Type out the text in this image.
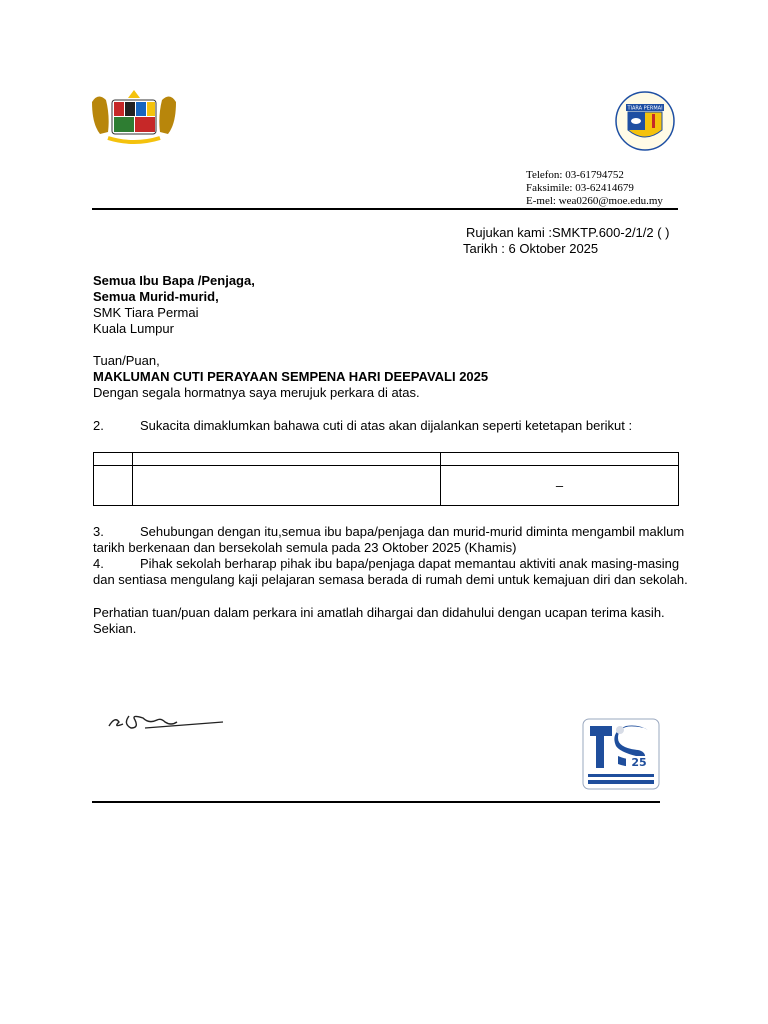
TIARA PERMAI
Telefon: 03-61794752
Faksimile: 03-62414679
E-mel: wea0260@moe.edu.my
Rujukan kami :SMKTP.600-2/1/2 ( )
Tarikh : 6 Oktober 2025
Semua Ibu Bapa /Penjaga,
Semua Murid-murid,
SMK Tiara Permai
Kuala Lumpur
Tuan/Puan,
MAKLUMAN CUTI PERAYAAN SEMPENA HARI DEEPAVALI 2025
Dengan segala hormatnya saya merujuk perkara di atas.
2.	Sukacita dimaklumkan bahawa cuti di atas akan dijalankan seperti ketetapan berikut :

		–
3.	Sehubungan dengan itu,semua ibu bapa/penjaga dan murid-murid diminta mengambil maklum
tarikh berkenaan dan bersekolah semula pada 23 Oktober 2025 (Khamis)
4.	Pihak sekolah berharap pihak ibu bapa/penjaga dapat memantau aktiviti anak masing-masing
dan sentiasa mengulang kaji pelajaran semasa berada di rumah demi untuk kemajuan diri dan sekolah.
Perhatian tuan/puan dalam perkara ini amatlah dihargai dan didahului dengan ucapan terima kasih.
Sekian.
25
